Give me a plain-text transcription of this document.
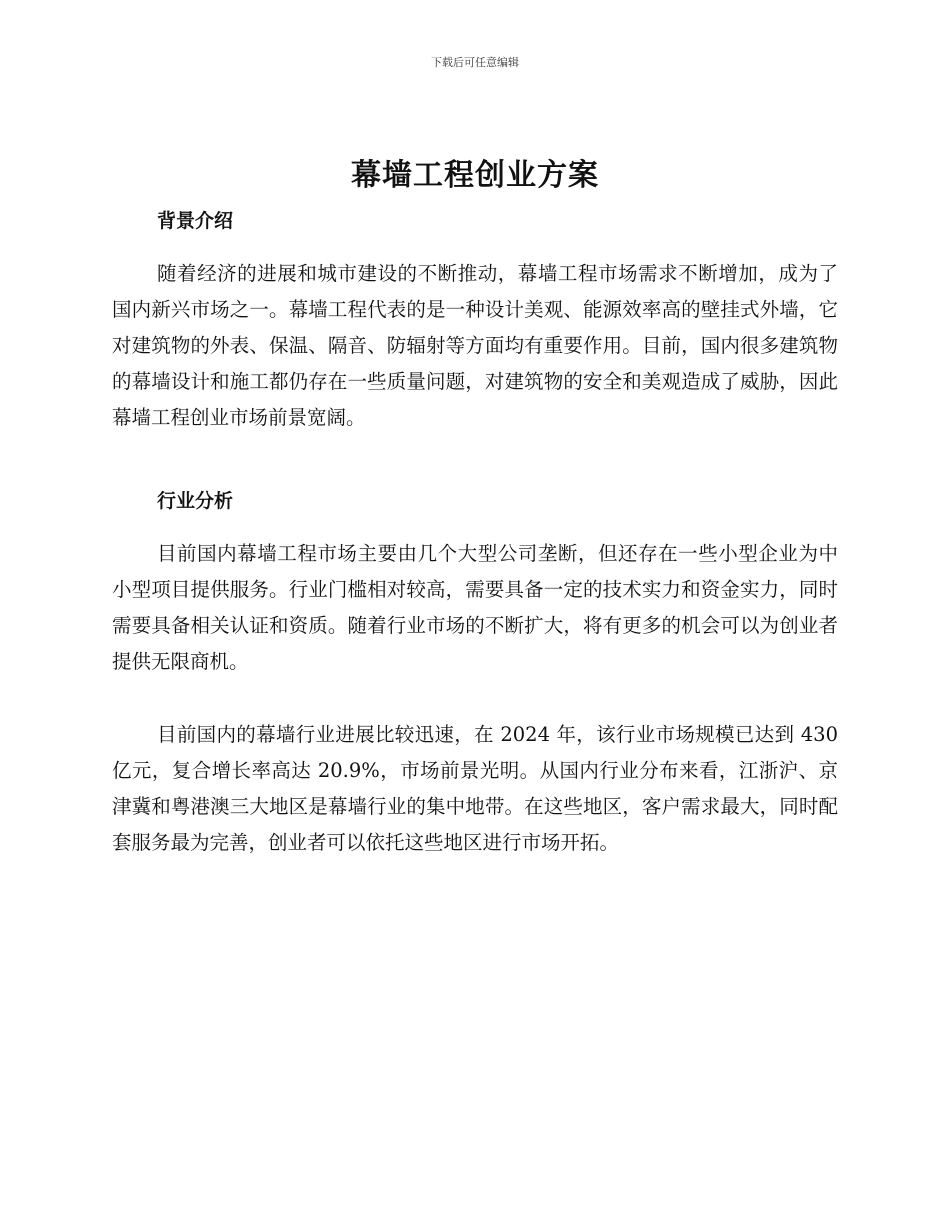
下载后可任意编辑
幕墙工程创业方案
背景介绍

随着经济的进展和城市建设的不断推动，幕墙工程市场需求不断增加，成为了国内新兴市场之一。幕墙工程代表的是一种设计美观、能源效率高的壁挂式外墙，它对建筑物的外表、保温、隔音、防辐射等方面均有重要作用。目前，国内很多建筑物的幕墙设计和施工都仍存在一些质量问题，对建筑物的安全和美观造成了威胁，因此幕墙工程创业市场前景宽阔。

行业分析

目前国内幕墙工程市场主要由几个大型公司垄断，但还存在一些小型企业为中小型项目提供服务。行业门槛相对较高，需要具备一定的技术实力和资金实力，同时需要具备相关认证和资质。随着行业市场的不断扩大，将有更多的机会可以为创业者提供无限商机。

目前国内的幕墙行业进展比较迅速，在 2024 年，该行业市场规模已达到 430 亿元，复合增长率高达 20.9%，市场前景光明。从国内行业分布来看，江浙沪、京津冀和粤港澳三大地区是幕墙行业的集中地带。在这些地区，客户需求最大，同时配套服务最为完善，创业者可以依托这些地区进行市场开拓。
